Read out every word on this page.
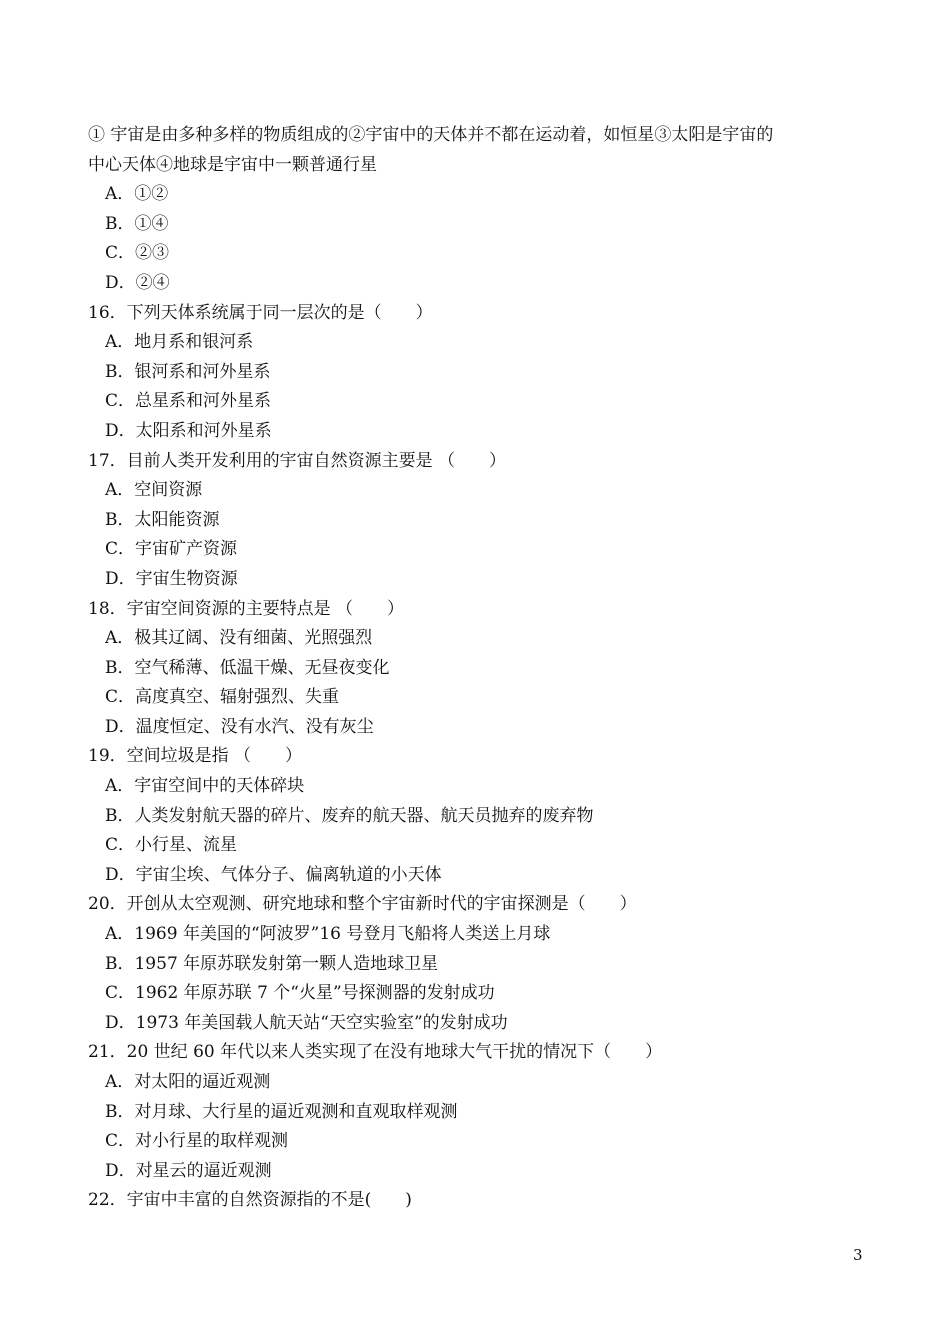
① 宇宙是由多种多样的物质组成的②宇宙中的天体并不都在运动着，如恒星③太阳是宇宙的
中心天体④地球是宇宙中一颗普通行星
A．①②
B．①④
C．②③
D．②④
16．下列天体系统属于同一层次的是（　　）
A．地月系和银河系
B．银河系和河外星系
C．总星系和河外星系
D．太阳系和河外星系
17．目前人类开发利用的宇宙自然资源主要是 （　　）
A．空间资源
B．太阳能资源
C．宇宙矿产资源
D．宇宙生物资源
18．宇宙空间资源的主要特点是 （　　）
A．极其辽阔、没有细菌、光照强烈
B．空气稀薄、低温干燥、无昼夜变化
C．高度真空、辐射强烈、失重
D．温度恒定、没有水汽、没有灰尘
19．空间垃圾是指 （　　）
A．宇宙空间中的天体碎块
B．人类发射航天器的碎片、废弃的航天器、航天员抛弃的废弃物
C．小行星、流星
D．宇宙尘埃、气体分子、偏离轨道的小天体
20．开创从太空观测、研究地球和整个宇宙新时代的宇宙探测是（　　）
A．1969 年美国的“阿波罗”16 号登月飞船将人类送上月球
B．1957 年原苏联发射第一颗人造地球卫星
C．1962 年原苏联 7 个“火星”号探测器的发射成功
D．1973 年美国载人航天站“天空实验室”的发射成功
21．20 世纪 60 年代以来人类实现了在没有地球大气干扰的情况下（　　）
A．对太阳的逼近观测
B．对月球、大行星的逼近观测和直观取样观测
C．对小行星的取样观测
D．对星云的逼近观测
22．宇宙中丰富的自然资源指的不是(　　)
3
